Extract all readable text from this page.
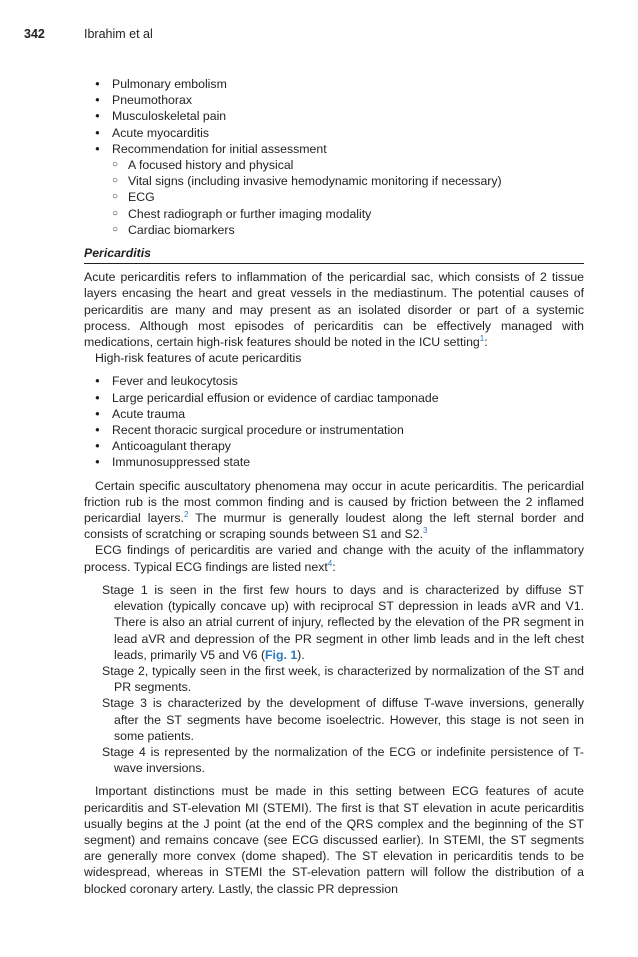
342	Ibrahim et al
● Pulmonary embolism
● Pneumothorax
● Musculoskeletal pain
● Acute myocarditis
● Recommendation for initial assessment
○ A focused history and physical
○ Vital signs (including invasive hemodynamic monitoring if necessary)
○ ECG
○ Chest radiograph or further imaging modality
○ Cardiac biomarkers
Pericarditis

Acute pericarditis refers to inflammation of the pericardial sac, which consists of 2 tissue layers encasing the heart and great vessels in the mediastinum. The potential causes of pericarditis are many and may present as an isolated disorder or part of a systemic process. Although most episodes of pericarditis can be effectively managed with medications, certain high-risk features should be noted in the ICU setting$^1$:

High-risk features of acute pericarditis

● Fever and leukocytosis
● Large pericardial effusion or evidence of cardiac tamponade
● Acute trauma
● Recent thoracic surgical procedure or instrumentation
● Anticoagulant therapy
● Immunosuppressed state

Certain specific auscultatory phenomena may occur in acute pericarditis. The pericardial friction rub is the most common finding and is caused by friction between the 2 inflamed pericardial layers.$^2$ The murmur is generally loudest along the left sternal border and consists of scratching or scraping sounds between S1 and S2.$^3$

ECG findings of pericarditis are varied and change with the acuity of the inflammatory process. Typical ECG findings are listed next$^4$:

Stage 1 is seen in the first few hours to days and is characterized by diffuse ST elevation (typically concave up) with reciprocal ST depression in leads aVR and V1. There is also an atrial current of injury, reflected by the elevation of the PR segment in lead aVR and depression of the PR segment in other limb leads and in the left chest leads, primarily V5 and V6 (Fig. 1).

Stage 2, typically seen in the first week, is characterized by normalization of the ST and PR segments.

Stage 3 is characterized by the development of diffuse T-wave inversions, generally after the ST segments have become isoelectric. However, this stage is not seen in some patients.

Stage 4 is represented by the normalization of the ECG or indefinite persistence of T-wave inversions.

Important distinctions must be made in this setting between ECG features of acute pericarditis and ST-elevation MI (STEMI). The first is that ST elevation in acute pericarditis usually begins at the J point (at the end of the QRS complex and the beginning of the ST segment) and remains concave (see ECG discussed earlier). In STEMI, the ST segments are generally more convex (dome shaped). The ST elevation in pericarditis tends to be widespread, whereas in STEMI the ST-elevation pattern will follow the distribution of a blocked coronary artery. Lastly, the classic PR depression
